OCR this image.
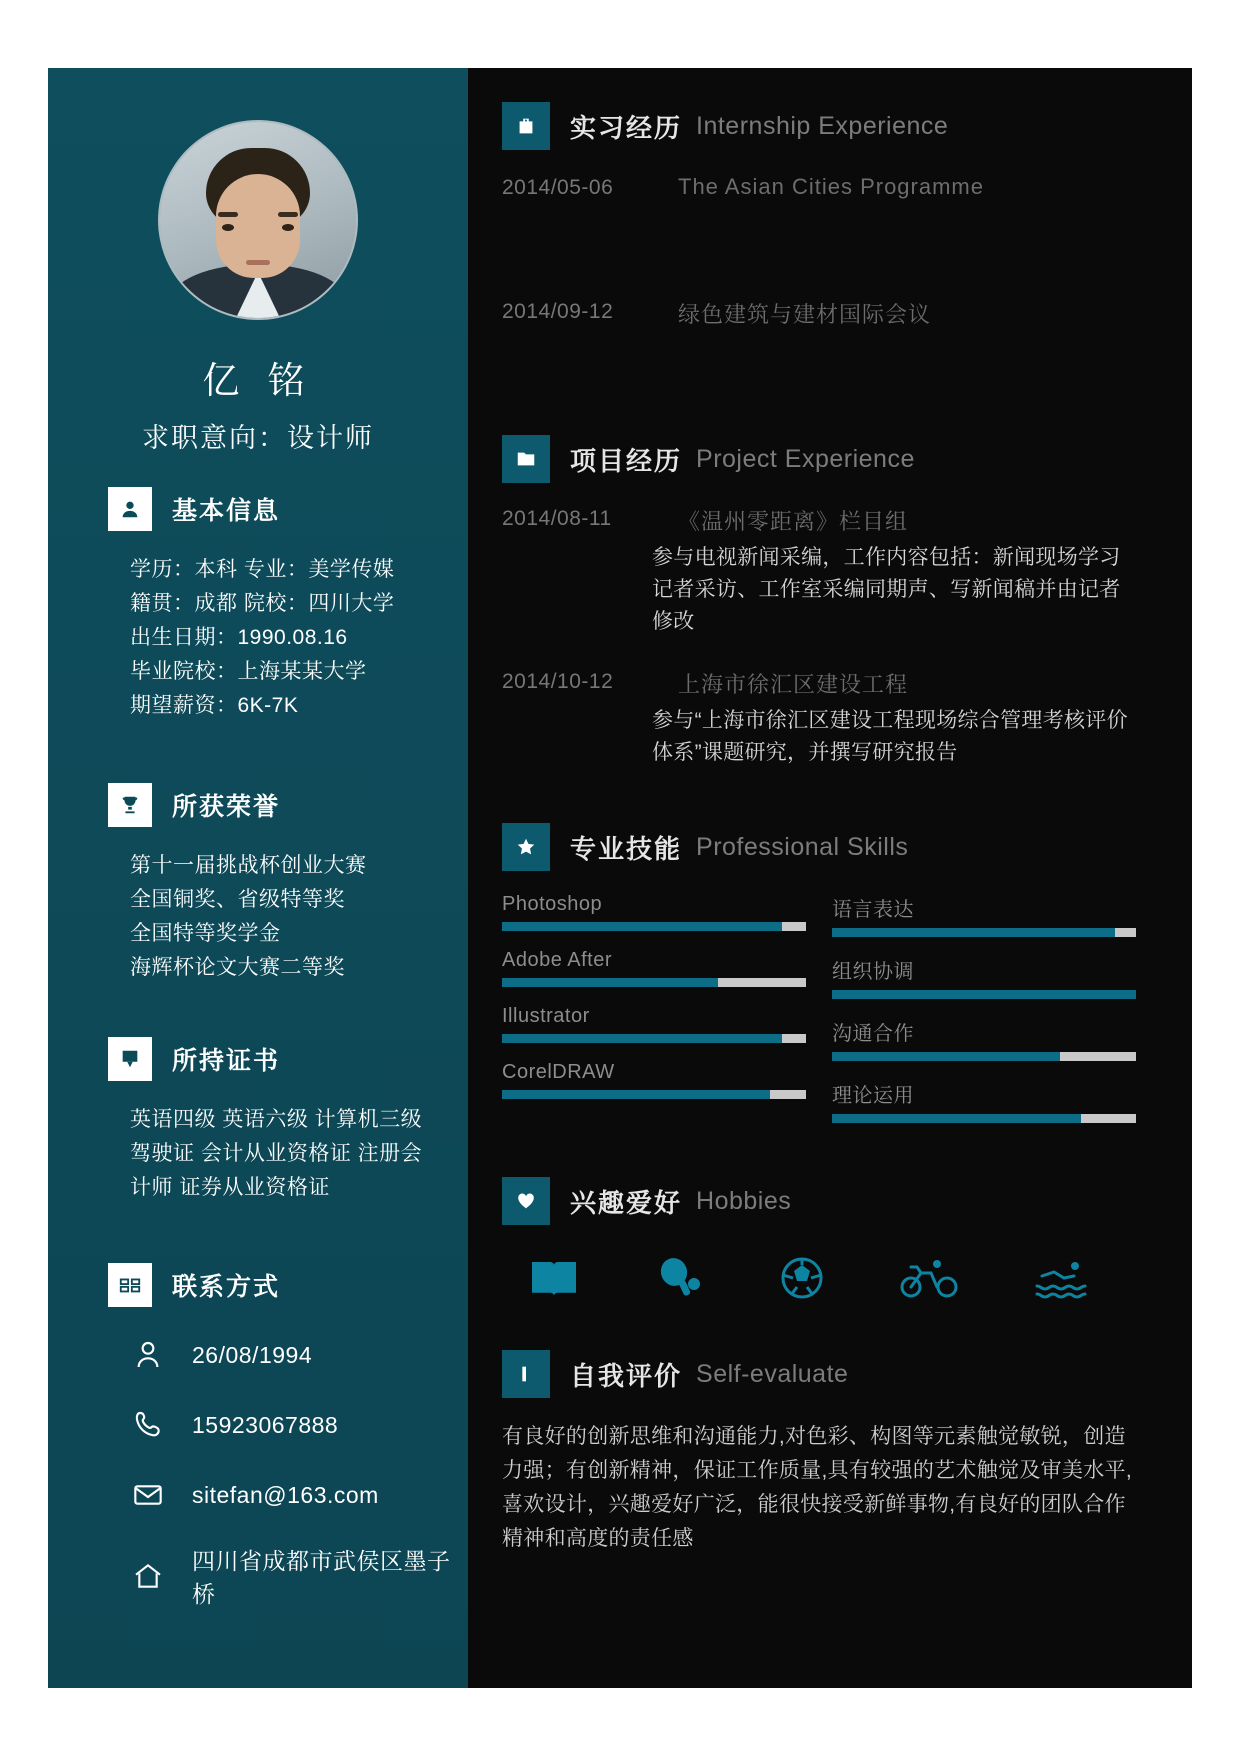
亿 铭
求职意向：设计师
基本信息
学历：本科 专业：美学传媒
籍贯：成都 院校：四川大学
出生日期：1990.08.16
毕业院校：上海某某大学
期望薪资：6K-7K
所获荣誉
第十一届挑战杯创业大赛
全国铜奖、省级特等奖
全国特等奖学金
海辉杯论文大赛二等奖
所持证书
英语四级 英语六级 计算机三级
驾驶证 会计从业资格证 注册会
计师 证券从业资格证
联系方式
26/08/1994
15923067888
sitefan@163.com
四川省成都市武侯区墨子桥
实习经历 Internship Experience
2014/05-06	The Asian Cities Programme
2014/09-12	绿色建筑与建材国际会议
项目经历 Project Experience
2014/08-11	《温州零距离》栏目组
参与电视新闻采编，工作内容包括：新闻现场学习记者采访、工作室采编同期声、写新闻稿并由记者修改
2014/10-12	上海市徐汇区建设工程
参与“上海市徐汇区建设工程现场综合管理考核评价体系”课题研究，并撰写研究报告
专业技能 Professional Skills
Photoshop
Adobe After
Illustrator
CorelDRAW
语言表达
组织协调
沟通合作
理论运用
兴趣爱好 Hobbies
自我评价 Self-evaluate
有良好的创新思维和沟通能力,对色彩、构图等元素触觉敏锐，创造力强；有创新精神，保证工作质量,具有较强的艺术触觉及审美水平,喜欢设计，兴趣爱好广泛，能很快接受新鲜事物,有良好的团队合作精神和高度的责任感
